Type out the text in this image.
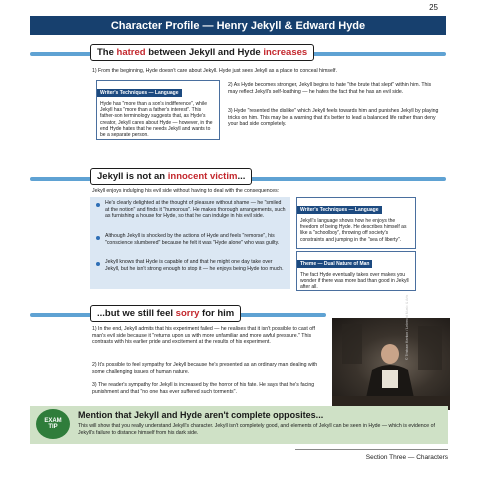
25
Character Profile — Henry Jekyll & Edward Hyde
The hatred between Jekyll and Hyde increases
1) From the beginning, Hyde doesn't care about Jekyll. Hyde just sees Jekyll as a place to conceal himself.
Writer's Techniques — Language
Hyde has "more than a son's indifference", while Jekyll has "more than a father's interest". This father-son terminology suggests that, as Hyde's creator, Jekyll cares about Hyde — however, in the end Hyde hates that he needs Jekyll and wants to be a separate person.
2) As Hyde becomes stronger, Jekyll begins to hate "the brute that slept" within him. This may reflect Jekyll's self-loathing — he hates the fact that he has an evil side.
3) Hyde "resented the dislike" which Jekyll feels towards him and punishes Jekyll by playing tricks on him. This may be a warning that it's better to lead a balanced life rather than deny your bad side completely.
Jekyll is not an innocent victim...
Jekyll enjoys indulging his evil side without having to deal with the consequences:
He's clearly delighted at the thought of pleasure without shame — he "smiled at the notion" and finds it "humorous". He makes thorough arrangements, such as furnishing a house for Hyde, so that he can indulge in his evil side.
Although Jekyll is shocked by the actions of Hyde and feels "remorse", his "conscience slumbered" because he felt it was "Hyde alone" who was guilty.
Jekyll knows that Hyde is capable of and that he might one day take over Jekyll, but he isn't strong enough to stop it — he enjoys being Hyde too much.
Writer's Techniques — Language
Jekyll's language shows how he enjoys the freedom of being Hyde. He describes himself as like a "schoolboy", throwing off society's constraints and jumping in the "sea of liberty".
Theme — Dual Nature of Man
The fact Hyde eventually takes over makes you wonder if there was more bad than good in Jekyll after all.
...but we still feel sorry for him
1) In the end, Jekyll admits that his experiment failed — he realises that it isn't possible to cast off man's evil side because it "returns upon us with more unfamiliar and more awful pressure." This contrasts with his earlier pride and excitement at the results of his experiment.
2) It's possible to feel sympathy for Jekyll because he's presented as an ordinary man dealing with some challenging issues of human nature.
3) The reader's sympathy for Jekyll is increased by the horror of his fate. He says that he's facing punishment and that "no one has ever suffered such torments".
© Tristram Kenton / Lebrecht Music & Arts
EXAM
TIP
Mention that Jekyll and Hyde aren't complete opposites...
This will show that you really understand Jekyll's character. Jekyll isn't completely good, and elements of Jekyll can be seen in Hyde — which is evidence of Jekyll's failure to distance himself from his dark side.
Section Three — Characters
